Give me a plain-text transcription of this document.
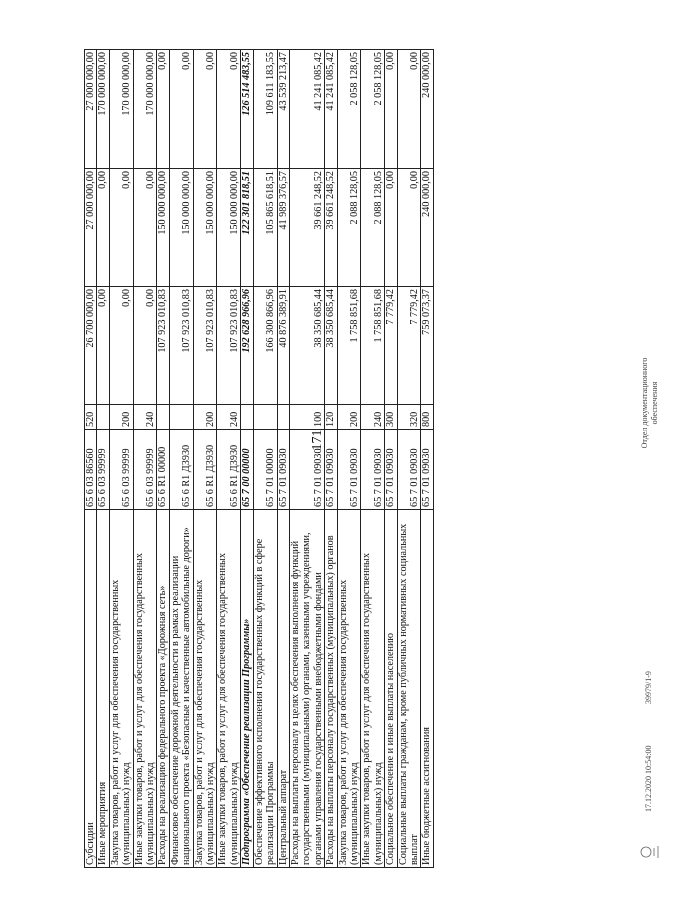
171
Субсидии	65 6 03 86560	520	26 700 000,00	27 000 000,00	27 000 000,00
Иные мероприятия	65 6 03 99999		0,00	0,00	170 000 000,00
Закупка товаров, работ и услуг для обеспечения государственных (муниципальных) нужд	65 6 03 99999	200	0,00	0,00	170 000 000,00
Иные закупки товаров, работ и услуг для обеспечения государственных (муниципальных) нужд	65 6 03 99999	240	0,00	0,00	170 000 000,00
Расходы на реализацию федерального проекта «Дорожная сеть»	65 6 R1 00000		107 923 010,83	150 000 000,00	0,00
Финансовое обеспечение дорожной деятельности в рамках реализации национального проекта «Безопасные и качественные автомобильные дороги»	65 6 R1 Д3930		107 923 010,83	150 000 000,00	0,00
Закупка товаров, работ и услуг для обеспечения государственных (муниципальных) нужд	65 6 R1 Д3930	200	107 923 010,83	150 000 000,00	0,00
Иные закупки товаров, работ и услуг для обеспечения государственных (муниципальных) нужд	65 6 R1 Д3930	240	107 923 010,83	150 000 000,00	0,00
Подпрограмма «Обеспечение реализации Программы»	65 7 00 00000		192 628 966,96	122 301 818,51	126 514 483,55
Обеспечение эффективного исполнения государственных функций в сфере реализации Программы	65 7 01 00000		166 300 866,96	105 865 618,51	109 611 183,55
Центральный аппарат	65 7 01 09030		40 876 389,91	41 989 376,57	43 539 213,47
Расходы на выплаты персоналу в целях обеспечения выполнения функций государственными (муниципальными) органами, казенными учреждениями, органами управления государственными внебюджетными фондами	65 7 01 09030	100	38 350 685,44	39 661 248,52	41 241 085,42
Расходы на выплаты персоналу государственных (муниципальных) органов	65 7 01 09030	120	38 350 685,44	39 661 248,52	41 241 085,42
Закупка товаров, работ и услуг для обеспечения государственных (муниципальных) нужд	65 7 01 09030	200	1 758 851,68	2 088 128,05	2 058 128,05
Иные закупки товаров, работ и услуг для обеспечения государственных (муниципальных) нужд	65 7 01 09030	240	1 758 851,68	2 088 128,05	2 058 128,05
Социальное обеспечение и иные выплаты населению	65 7 01 09030	300	7 779,42	0,00	0,00
Социальные выплаты гражданам, кроме публичных нормативных социальных выплат	65 7 01 09030	320	7 779,42	0,00	0,00
Иные бюджетные ассигнования	65 7 01 09030	800	759 073,37	240 000,00	240 000,00
17.12.2020 10:54:00
39979/1-9
Отдел документационного обеспечения
